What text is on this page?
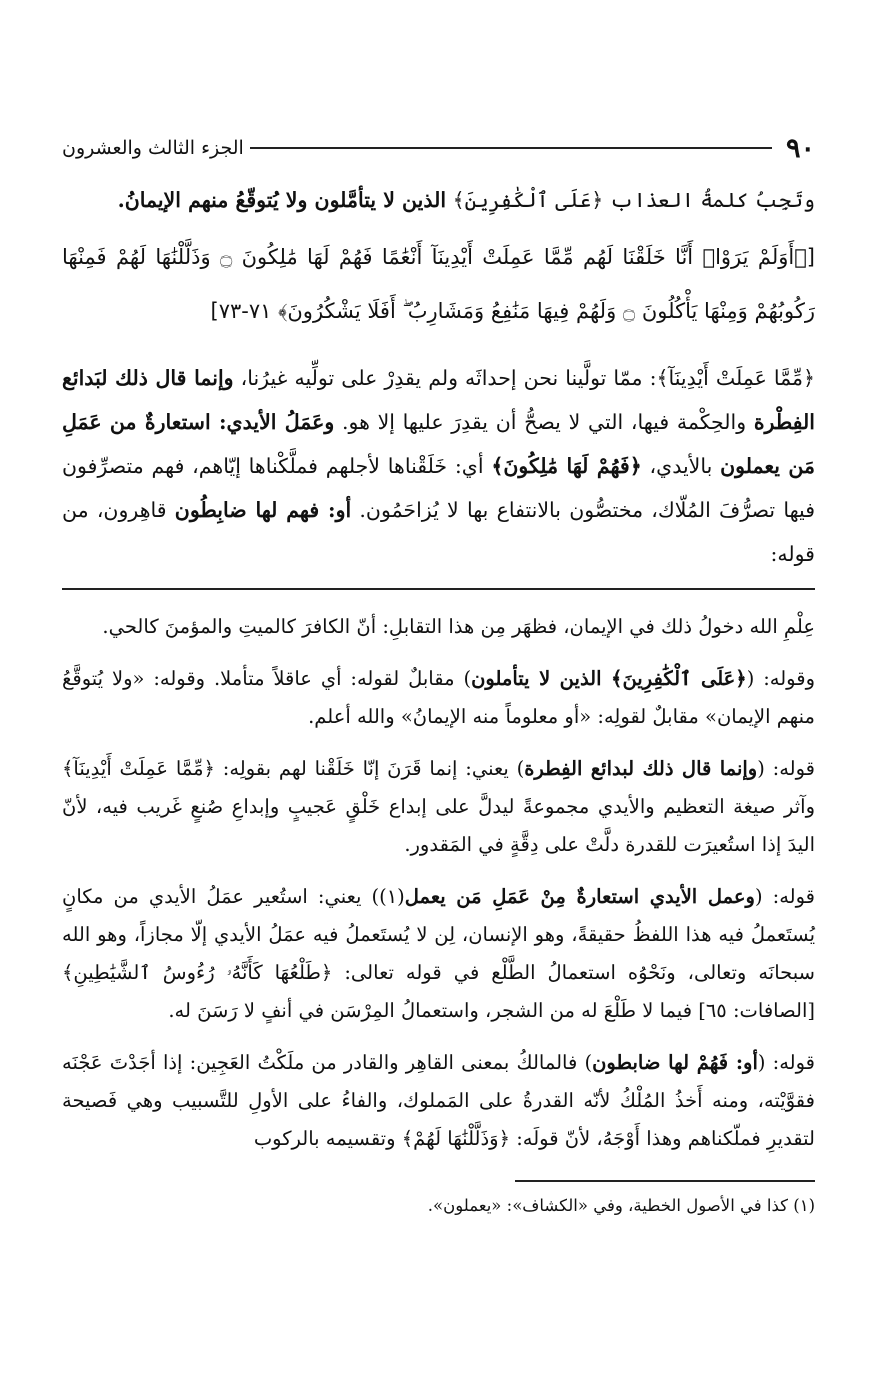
٩٠
الجزء الثالث والعشرون

وتَجِبُ كلمةُ العذاب ﴿عَلَى ٱلْكَٰفِرِينَ﴾ الذين لا يتأمَّلون ولا يُتوقّعُ منهم الإيمانُ.

[﴿أَوَلَمْ يَرَوْا۟ أَنَّا خَلَقْنَا لَهُم مِّمَّا عَمِلَتْ أَيْدِينَآ أَنْعَٰمًا فَهُمْ لَهَا مَٰلِكُونَ ۝ وَذَلَّلْنَٰهَا لَهُمْ فَمِنْهَا رَكُوبُهُمْ وَمِنْهَا يَأْكُلُونَ ۝ وَلَهُمْ فِيهَا مَنَٰفِعُ وَمَشَارِبُ ۖ أَفَلَا يَشْكُرُونَ﴾ ٧١-٧٣]

﴿مِّمَّا عَمِلَتْ أَيْدِينَآ﴾: ممّا تولَّينا نحن إحداثَه ولم يقدِرْ على تولِّيه غيرُنا، وإنما قال ذلك لبَدائع الفِطْرة والحِكْمة فيها، التي لا يصحُّ أن يقدِرَ عليها إلا هو. وعَمَلُ الأيدي: استعارةٌ من عَمَلِ مَن يعملون بالأيدي، ﴿فَهُمْ لَهَا مَٰلِكُونَ﴾ أي: خَلَقْناها لأجلهم فملَّكْناها إيّاهم، فهم متصرِّفون فيها تصرُّفَ المُلّاك، مختصُّون بالانتفاع بها لا يُزاحَمُون. أو: فهم لها ضابِطُون قاهِرون، من قوله:

عِلْمِ الله دخولُ ذلك في الإيمان، فظهَر مِن هذا التقابلِ: أنّ الكافرَ كالميتِ والمؤمنَ كالحي.

وقوله: (﴿عَلَى ٱلْكَٰفِرِينَ﴾ الذين لا يتأملون) مقابلٌ لقوله: أي عاقلاً متأملا. وقوله: «ولا يُتوقَّعُ منهم الإيمان» مقابلٌ لقولِه: «أو معلوماً منه الإيمانُ» والله أعلم.

قوله: (وإنما قال ذلك لبدائع الفِطرة) يعني: إنما قَرَنَ إنّا خَلَقْنا لهم بقولِه: ﴿مِّمَّا عَمِلَتْ أَيْدِينَآ﴾ وآثر صيغة التعظيم والأيدي مجموعةً ليدلَّ على إبداع خَلْقٍ عَجيبٍ وإبداعِ صُنعٍ غَريب فيه، لأنّ اليدَ إذا استُعيرَت للقدرة دلَّتْ على دِقَّةٍ في المَقدور.

قوله: (وعمل الأيدي استعارةٌ مِنْ عَمَلِ مَن يعمل(١)) يعني: استُعير عمَلُ الأيدي من مكانٍ يُستَعملُ فيه هذا اللفظُ حقيقةً، وهو الإنسان، لِن لا يُستَعملُ فيه عمَلُ الأيدي إلّا مجازاً، وهو الله سبحانَه وتعالى، ونَحْوُه استعمالُ الطَّلْع في قوله تعالى: ﴿طَلْعُهَا كَأَنَّهُۥ رُءُوسُ ٱلشَّيَٰطِينِ﴾ [الصافات: ٦٥] فيما لا طَلْعَ له من الشجر، واستعمالُ المِرْسَن في أنفٍ لا رَسَنَ له.

قوله: (أو: فَهُمْ لها ضابطون) فالمالكُ بمعنى القاهِر والقادر من ملَكْتُ العَجِين: إذا أجَدْتَ عَجْنَه فقوَّيْته، ومنه أَخذُ المُلْكُ لأنّه القدرةُ على المَملوك، والفاءُ على الأولِ للتَّسبيب وهي فَصيحة لتقديرِ فملّكناهم وهذا أَوْجَهُ، لأنّ قولَه: ﴿وَذَلَّلْنَٰهَا لَهُمْ﴾ وتقسيمه بالركوب

(١) كذا في الأصول الخطية، وفي «الكشاف»: «يعملون».
